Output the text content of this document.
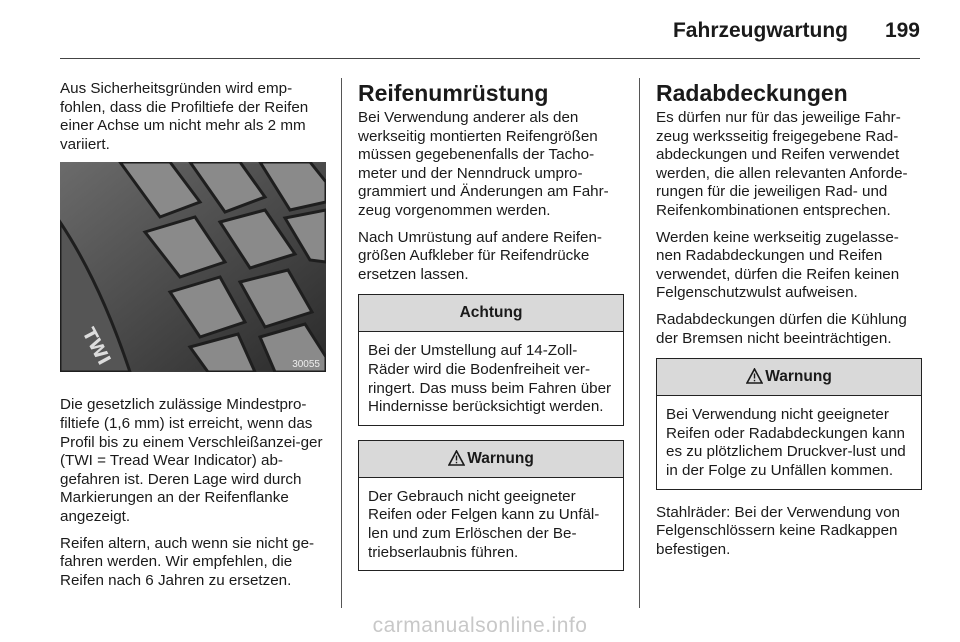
Fahrzeugwartung 199

Aus Sicherheitsgründen wird emp-fohlen, dass die Profiltiefe der Reifen einer Achse um nicht mehr als 2 mm variiert.

TWI	30055

Die gesetzlich zulässige Mindestpro-filtiefe (1,6 mm) ist erreicht, wenn das Profil bis zu einem Verschleißanzei-ger (TWI = Tread Wear Indicator) ab-gefahren ist. Deren Lage wird durch Markierungen an der Reifenflanke angezeigt.

Reifen altern, auch wenn sie nicht ge-fahren werden. Wir empfehlen, die Reifen nach 6 Jahren zu ersetzen.

Reifenumrüstung

Bei Verwendung anderer als den werkseitig montierten Reifengrößen müssen gegebenenfalls der Tacho-meter und der Nenndruck umpro-grammiert und Änderungen am Fahr-zeug vorgenommen werden.

Nach Umrüstung auf andere Reifen-größen Aufkleber für Reifendrücke ersetzen lassen.

Achtung

Bei der Umstellung auf 14-Zoll-Räder wird die Bodenfreiheit ver-ringert. Das muss beim Fahren über Hindernisse berücksichtigt werden.

Warnung

Der Gebrauch nicht geeigneter Reifen oder Felgen kann zu Unfäl-len und zum Erlöschen der Be-triebserlaubnis führen.

Radabdeckungen

Es dürfen nur für das jeweilige Fahr-zeug werksseitig freigegebene Rad-abdeckungen und Reifen verwendet werden, die allen relevanten Anforde-rungen für die jeweiligen Rad- und Reifenkombinationen entsprechen.

Werden keine werkseitig zugelasse-nen Radabdeckungen und Reifen verwendet, dürfen die Reifen keinen Felgenschutzwulst aufweisen.

Radabdeckungen dürfen die Kühlung der Bremsen nicht beeinträchtigen.

Warnung

Bei Verwendung nicht geeigneter Reifen oder Radabdeckungen kann es zu plötzlichem Druckver-lust und in der Folge zu Unfällen kommen.

Stahlräder: Bei der Verwendung von Felgenschlössern keine Radkappen befestigen.

carmanualsonline.info
